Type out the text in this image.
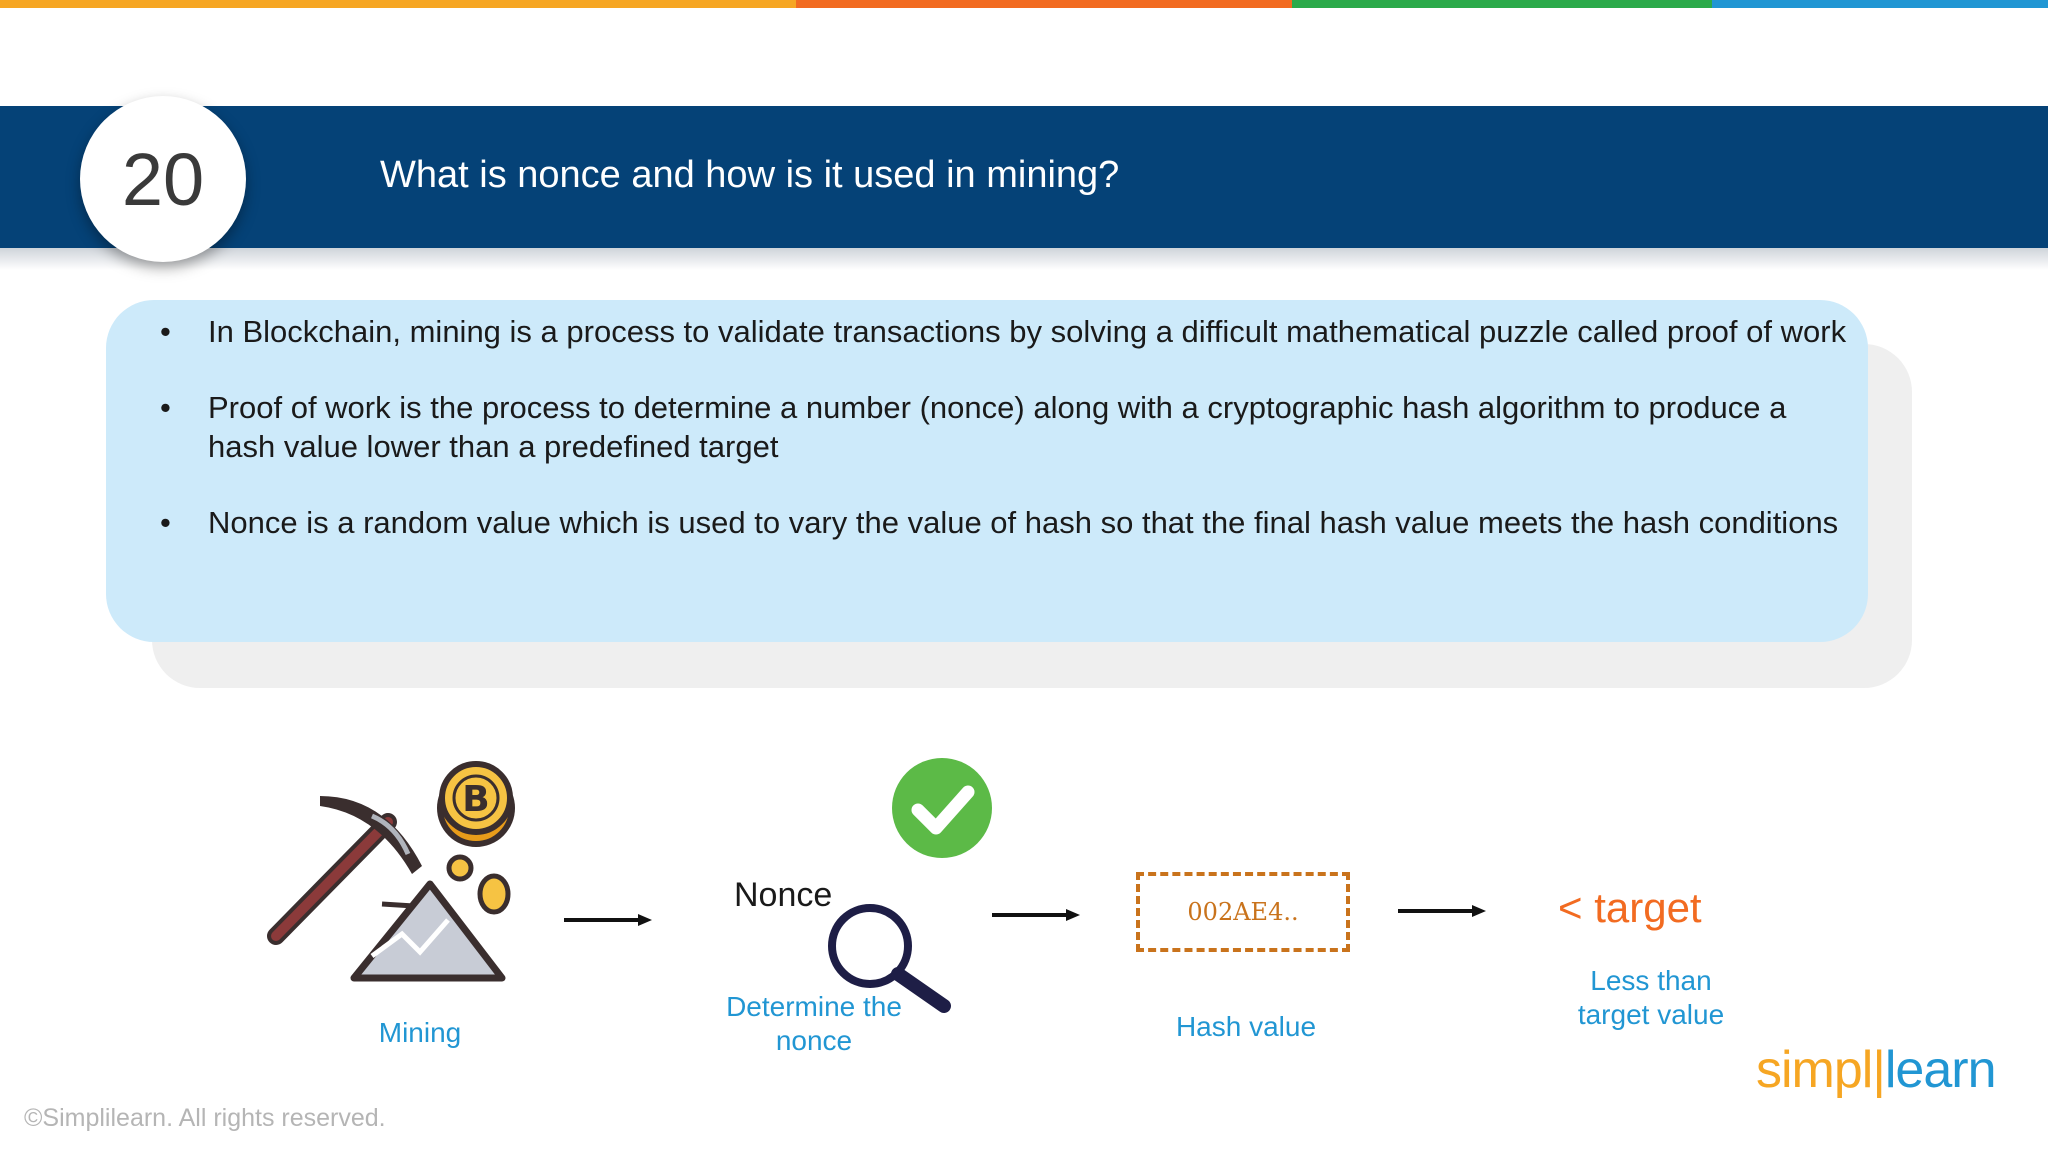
20	What is nonce and how is it used in mining?
• In Blockchain, mining is a process to validate transactions by solving a difficult mathematical puzzle called proof of work
• Proof of work is the process to determine a number (nonce) along with a cryptographic hash algorithm to produce a hash value lower than a predefined target
• Nonce is a random value which is used to vary the value of hash so that the final hash value meets the hash conditions
B
Mining
Nonce
Determine the nonce
002AE4..
Hash value
< target
Less than target value
©Simplilearn. All rights reserved.
simpl|learn
